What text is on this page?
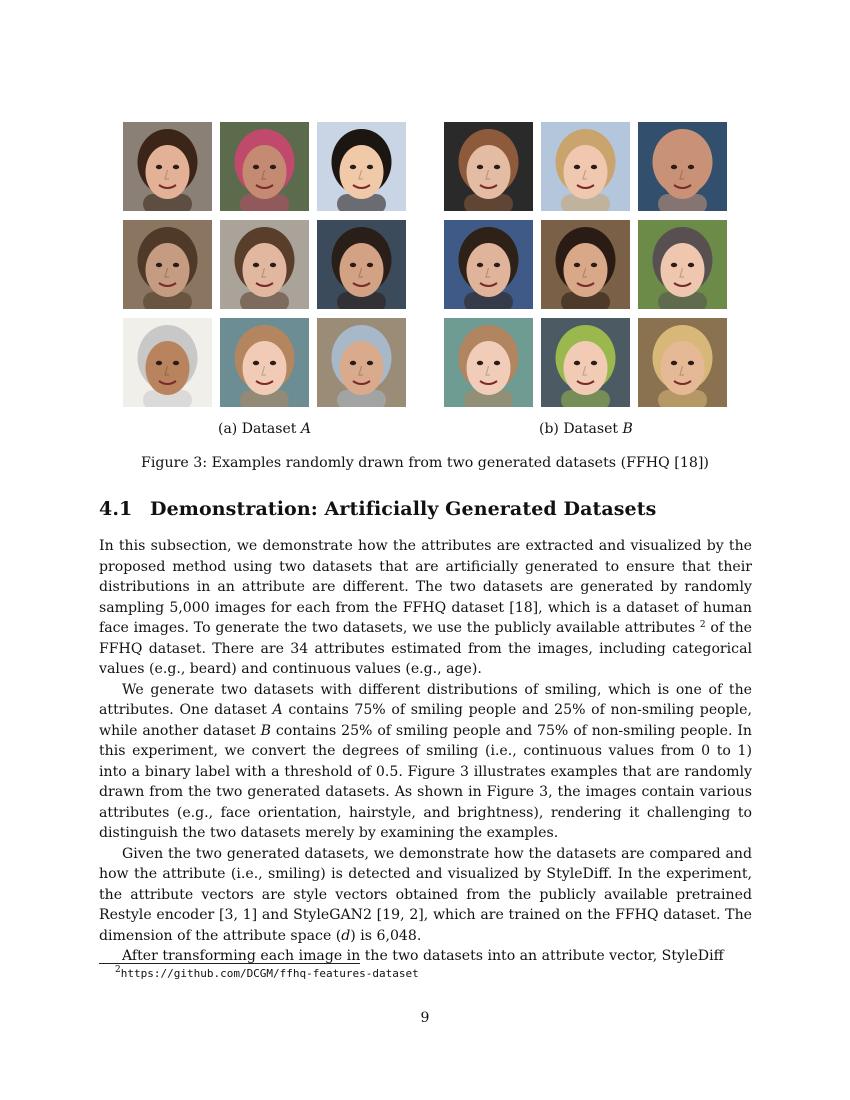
(a) Dataset A	(b) Dataset B
Figure 3: Examples randomly drawn from two generated datasets (FFHQ [18])
4.1 Demonstration: Artificially Generated Datasets

In this subsection, we demonstrate how the attributes are extracted and visualized by the proposed method using two datasets that are artificially generated to ensure that their distributions in an attribute are different. The two datasets are generated by randomly sampling 5,000 images for each from the FFHQ dataset [18], which is a dataset of human face images. To generate the two datasets, we use the publicly available attributes $^2$ of the FFHQ dataset. There are 34 attributes estimated from the images, including categorical values (e.g., beard) and continuous values (e.g., age).

We generate two datasets with different distributions of smiling, which is one of the attributes. One dataset A contains 75% of smiling people and 25% of non-smiling people, while another dataset B contains 25% of smiling people and 75% of non-smiling people. In this experiment, we convert the degrees of smiling (i.e., continuous values from 0 to 1) into a binary label with a threshold of 0.5. Figure 3 illustrates examples that are randomly drawn from the two generated datasets. As shown in Figure 3, the images contain various attributes (e.g., face orientation, hairstyle, and brightness), rendering it challenging to distinguish the two datasets merely by examining the examples.

Given the two generated datasets, we demonstrate how the datasets are compared and how the attribute (i.e., smiling) is detected and visualized by StyleDiff. In the experiment, the attribute vectors are style vectors obtained from the publicly available pretrained Restyle encoder [3, 1] and StyleGAN2 [19, 2], which are trained on the FFHQ dataset. The dimension of the attribute space (d) is 6,048.

After transforming each image in the two datasets into an attribute vector, StyleDiff

$^2$https://github.com/DCGM/ffhq-features-dataset
9
